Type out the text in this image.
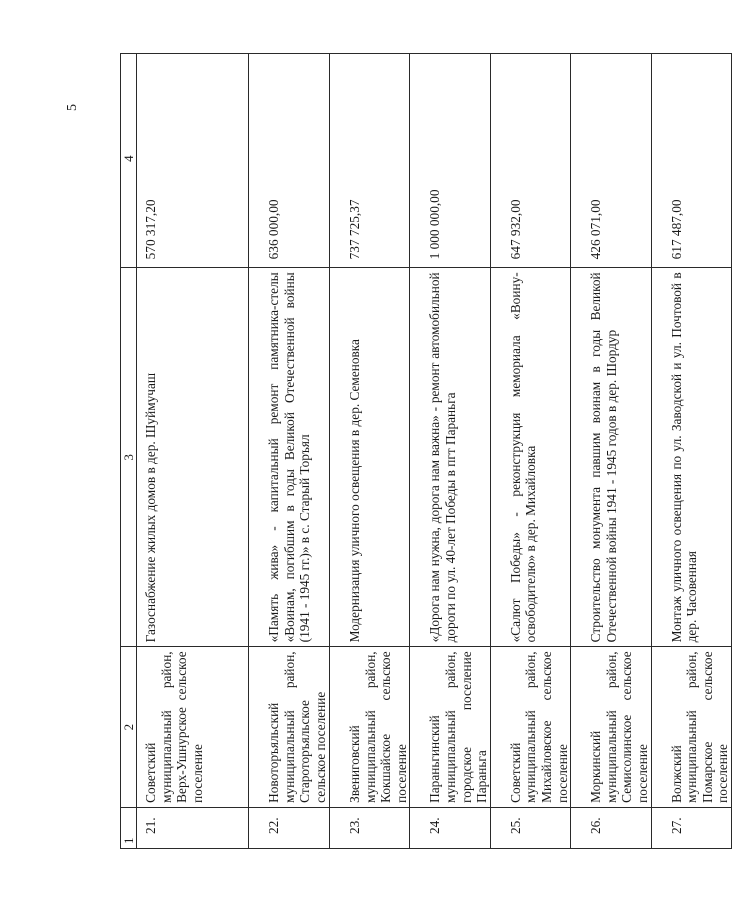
5
1	2	3	4
21.	Советский муниципальный район, Верх-Ушнурское сельское поселение	Газоснабжение жилых домов в дер. Шуймучаш	570 317,20
22.	Новоторъяльский муниципальный район, Староторъяльское сельское поселение	«Память жива» - капитальный ремонт памятника-стелы «Воинам, погибшим в годы Великой Отечественной войны (1941 - 1945 гг.)» в с. Старый Торъял	636 000,00
23.	Звениговский муниципальный район, Кокшайское сельское поселение	Модернизация уличного освещения в дер. Семеновка	737 725,37
24.	Параньгинский муниципальный район, городское поселение Параньга	«Дорога нам нужна, дорога нам важна» - ремонт автомобильной дороги по ул. 40-лет Победы в пгт Параньга	1 000 000,00
25.	Советский муниципальный район, Михайловское сельское поселение	«Салют Победы» - реконструкция мемориала «Воину-освободителю» в дер. Михайловка	647 932,00
26.	Моркинский муниципальный район, Семисолинское сельское поселение	Строительство монумента павшим воинам в годы Великой Отечественной войны 1941 - 1945 годов в дер. Шордур	426 071,00
27.	Волжский муниципальный район, Помарское сельское поселение	Монтаж уличного освещения по ул. Заводской и ул. Почтовой в дер. Часовенная	617 487,00
